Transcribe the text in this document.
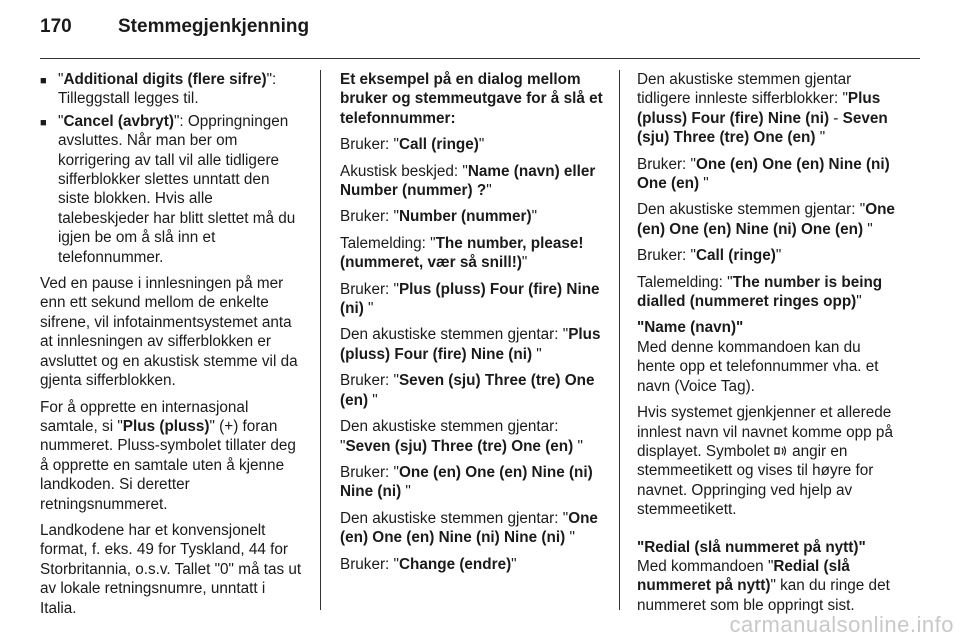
170	Stemmegjenkjenning
■ "Additional digits (flere sifre)": Tilleggstall legges til.
■ "Cancel (avbryt)": Oppringningen avsluttes. Når man ber om korrigering av tall vil alle tidligere sifferblokker slettes unntatt den siste blokken. Hvis alle talebeskjeder har blitt slettet må du igjen be om å slå inn et telefonnummer.

Ved en pause i innlesningen på mer enn ett sekund mellom de enkelte sifrene, vil infotainmentsystemet anta at innlesningen av sifferblokken er avsluttet og en akustisk stemme vil da gjenta sifferblokken.

For å opprette en internasjonal samtale, si "Plus (pluss)" (+) foran nummeret. Pluss-symbolet tillater deg å opprette en samtale uten å kjenne landkoden. Si deretter retningsnummeret.

Landkodene har et konvensjonelt format, f. eks. 49 for Tyskland, 44 for Storbritannia, o.s.v. Tallet "0" må tas ut av lokale retningsnumre, unntatt i Italia.

Et eksempel på en dialog mellom bruker og stemmeutgave for å slå et telefonnummer:

Bruker: "Call (ringe)"

Akustisk beskjed: "Name (navn) eller Number (nummer) ?"

Bruker: "Number (nummer)"

Talemelding: "The number, please! (nummeret, vær så snill!)"

Bruker: "Plus (pluss) Four (fire) Nine (ni) "

Den akustiske stemmen gjentar: "Plus (pluss) Four (fire) Nine (ni) "

Bruker: "Seven (sju) Three (tre) One (en) "

Den akustiske stemmen gjentar: "Seven (sju) Three (tre) One (en) "

Bruker: "One (en) One (en) Nine (ni) Nine (ni) "

Den akustiske stemmen gjentar: "One (en) One (en) Nine (ni) Nine (ni) "

Bruker: "Change (endre)"

Den akustiske stemmen gjentar tidligere innleste sifferblokker: "Plus (pluss) Four (fire) Nine (ni) - Seven (sju) Three (tre) One (en) "

Bruker: "One (en) One (en) Nine (ni) One (en) "

Den akustiske stemmen gjentar: "One (en) One (en) Nine (ni) One (en) "

Bruker: "Call (ringe)"

Talemelding: "The number is being dialled (nummeret ringes opp)"

"Name (navn)"

Med denne kommandoen kan du hente opp et telefonnummer vha. et navn (Voice Tag).

Hvis systemet gjenkjenner et allerede innlest navn vil navnet komme opp på displayet. Symbolet  angir en stemmeetikett og vises til høyre for navnet. Oppringing ved hjelp av stemmeetikett.

"Redial (slå nummeret på nytt)"

Med kommandoen "Redial (slå nummeret på nytt)" kan du ringe det nummeret som ble oppringt sist.

carmanualsonline.info
